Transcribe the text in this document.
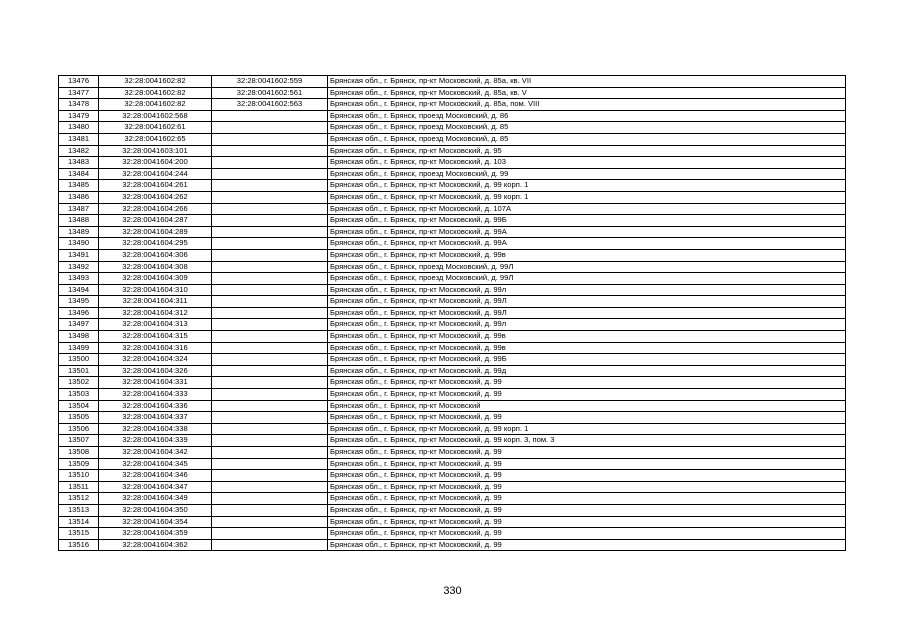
13476	32:28:0041602:82	32:28:0041602:559	Брянская обл., г. Брянск, пр-кт Московский, д. 85а, кв. VII
13477	32:28:0041602:82	32:28:0041602:561	Брянская обл., г. Брянск, пр-кт Московский, д. 85а, кв. V
13478	32:28:0041602:82	32:28:0041602:563	Брянская обл., г. Брянск, пр-кт Московский, д. 85а, пом. VIII
13479	32:28:0041602:568		Брянская обл., г. Брянск, проезд Московский, д. 86
13480	32:28:0041602:61		Брянская обл., г. Брянск, проезд Московский, д. 85
13481	32:28:0041602:65		Брянская обл., г. Брянск, проезд Московский, д. 85
13482	32:28:0041603:101		Брянская обл., г. Брянск, пр-кт Московский, д. 95
13483	32:28:0041604:200		Брянская обл., г. Брянск, пр-кт Московский, д. 103
13484	32:28:0041604:244		Брянская обл., г. Брянск, проезд Московский, д. 99
13485	32:28:0041604:261		Брянская обл., г. Брянск, пр-кт Московский, д. 99 корп. 1
13486	32:28:0041604:262		Брянская обл., г. Брянск, пр-кт Московский, д. 99 корп. 1
13487	32:28:0041604:266		Брянская обл., г. Брянск, пр-кт Московский, д. 107А
13488	32:28:0041604:287		Брянская обл., г. Брянск, пр-кт Московский, д. 99Б
13489	32:28:0041604:289		Брянская обл., г. Брянск, пр-кт Московский, д. 99А
13490	32:28:0041604:295		Брянская обл., г. Брянск, пр-кт Московский, д. 99А
13491	32:28:0041604:306		Брянская обл., г. Брянск, пр-кт Московский, д. 99в
13492	32:28:0041604:308		Брянская обл., г. Брянск, проезд Московский, д. 99Л
13493	32:28:0041604:309		Брянская обл., г. Брянск, проезд Московский, д. 99Л
13494	32:28:0041604:310		Брянская обл., г. Брянск, пр-кт Московский, д. 99л
13495	32:28:0041604:311		Брянская обл., г. Брянск, пр-кт Московский, д. 99Л
13496	32:28:0041604:312		Брянская обл., г. Брянск, пр-кт Московский, д. 99Л
13497	32:28:0041604:313		Брянская обл., г. Брянск, пр-кт Московский, д. 99л
13498	32:28:0041604:315		Брянская обл., г. Брянск, пр-кт Московский, д. 99в
13499	32:28:0041604:316		Брянская обл., г. Брянск, пр-кт Московский, д. 99в
13500	32:28:0041604:324		Брянская обл., г. Брянск, пр-кт Московский, д. 99Б
13501	32:28:0041604:326		Брянская обл., г. Брянск, пр-кт Московский, д. 99д
13502	32:28:0041604:331		Брянская обл., г. Брянск, пр-кт Московский, д. 99
13503	32:28:0041604:333		Брянская обл., г. Брянск, пр-кт Московский, д. 99
13504	32:28:0041604:336		Брянская обл., г. Брянск, пр-кт Московский
13505	32:28:0041604:337		Брянская обл., г. Брянск, пр-кт Московский, д. 99
13506	32:28:0041604:338		Брянская обл., г. Брянск, пр-кт Московский, д. 99 корп. 1
13507	32:28:0041604:339		Брянская обл., г. Брянск, пр-кт Московский, д. 99 корп. 3, пом. 3
13508	32:28:0041604:342		Брянская обл., г. Брянск, пр-кт Московский, д. 99
13509	32:28:0041604:345		Брянская обл., г. Брянск, пр-кт Московский, д. 99
13510	32:28:0041604:346		Брянская обл., г. Брянск, пр-кт Московский, д. 99
13511	32:28:0041604:347		Брянская обл., г. Брянск, пр-кт Московский, д. 99
13512	32:28:0041604:349		Брянская обл., г. Брянск, пр-кт Московский, д. 99
13513	32:28:0041604:350		Брянская обл., г. Брянск, пр-кт Московский, д. 99
13514	32:28:0041604:354		Брянская обл., г. Брянск, пр-кт Московский, д. 99
13515	32:28:0041604:359		Брянская обл., г. Брянск, пр-кт Московский, д. 99
13516	32:28:0041604:362		Брянская обл., г. Брянск, пр-кт Московский, д. 99
330
